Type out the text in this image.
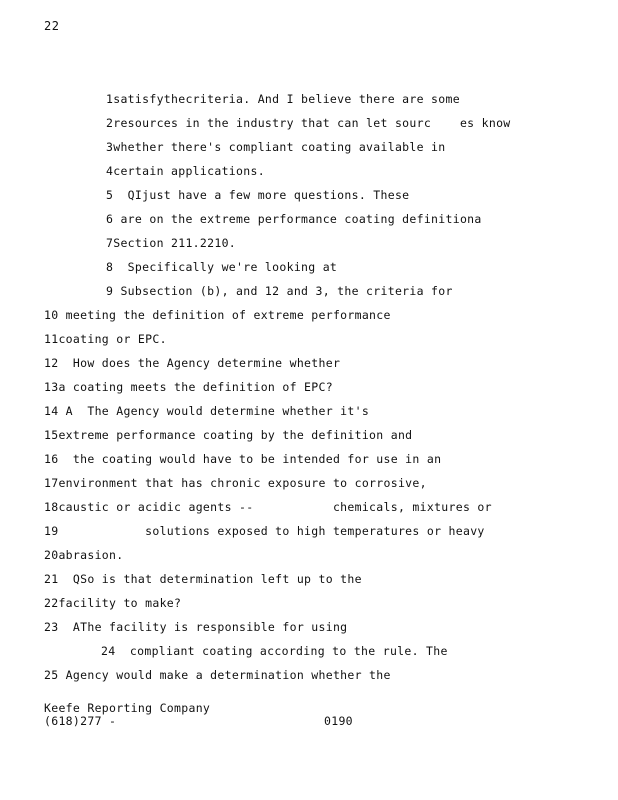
22
1satisfythecriteria. And I believe there are some
2resources in the industry that can let sourc    es know
3whether there's compliant coating available in
4certain applications.
5  QIjust have a few more questions. These
6 are on the extreme performance coating definitiona
7Section 211.2210.
8  Specifically we're looking at
9 Subsection (b), and 12 and 3, the criteria for
10 meeting the definition of extreme performance
11coating or EPC.
12  How does the Agency determine whether
13a coating meets the definition of EPC?
14 A  The Agency would determine whether it's
15extreme performance coating by the definition and
16  the coating would have to be intended for use in an
17environment that has chronic exposure to corrosive,
18caustic or acidic agents --           chemicals, mixtures or
19            solutions exposed to high temperatures or heavy
20abrasion.
21  QSo is that determination left up to the
22facility to make?
23  AThe facility is responsible for using
24  compliant coating according to the rule. The
25 Agency would make a determination whether the
Keefe Reporting Company
(618)277 -	0190
